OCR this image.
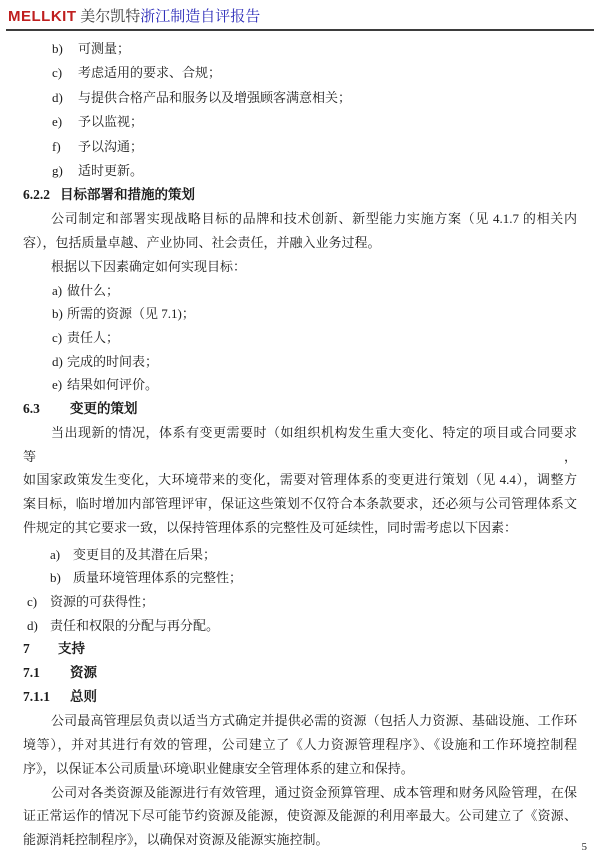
MELLKIT 美尔凯特浙江制造自评报告
b) 可测量；
c) 考虑适用的要求、合规；
d) 与提供合格产品和服务以及增强顾客满意相关；
e) 予以监视；
f) 予以沟通；
g) 适时更新。
6.2.2 目标部署和措施的策划
公司制定和部署实现战略目标的品牌和技术创新、新型能力实施方案（见 4.1.7 的相关内
容），包括质量卓越、产业协同、社会责任，并融入业务过程。
根据以下因素确定如何实现目标：
a) 做什么；
b) 所需的资源（见 7.1)；
c) 责任人；
d) 完成的时间表；
e) 结果如何评价。
6.3 变更的策划
当出现新的情况，体系有变更需要时（如组织机构发生重大变化、特定的项目或合同要求等，
如国家政策发生变化，大环境带来的变化，需要对管理体系的变更进行策划（见 4.4），调整方
案目标，临时增加内部管理评审，保证这些策划不仅符合本条款要求，还必须与公司管理体系文
件规定的其它要求一致，以保持管理体系的完整性及可延续性，同时需考虑以下因素：
a) 变更目的及其潜在后果；
b) 质量环境管理体系的完整性；
c) 资源的可获得性；
d) 责任和权限的分配与再分配。
7 支持
7.1 资源
7.1.1 总则
公司最高管理层负责以适当方式确定并提供必需的资源（包括人力资源、基础设施、工作环
境等），并对其进行有效的管理，公司建立了《人力资源管理程序》、《设施和工作环境控制程
序》，以保证本公司质量\环境\职业健康安全管理体系的建立和保持。
公司对各类资源及能源进行有效管理，通过资金预算管理、成本管理和财务风险管理，在保
证正常运作的情况下尽可能节约资源及能源，使资源及能源的利用率最大。公司建立了《资源、
能源消耗控制程序》，以确保对资源及能源实施控制。
5
